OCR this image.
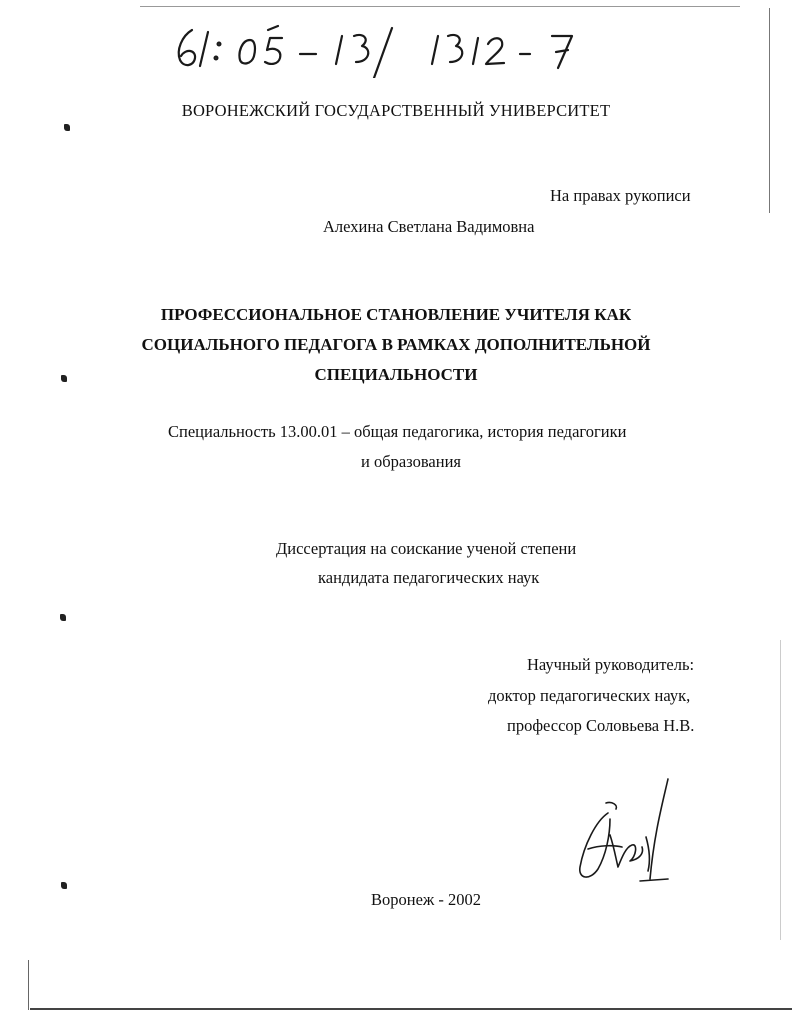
61: 05-13/1312-7
ВОРОНЕЖСКИЙ ГОСУДАРСТВЕННЫЙ УНИВЕРСИТЕТ
На правах рукописи
Алехина Светлана Вадимовна
ПРОФЕССИОНАЛЬНОЕ СТАНОВЛЕНИЕ УЧИТЕЛЯ КАК
СОЦИАЛЬНОГО ПЕДАГОГА В РАМКАХ ДОПОЛНИТЕЛЬНОЙ
СПЕЦИАЛЬНОСТИ
Специальность 13.00.01 – общая педагогика, история педагогики
и образования
Диссертация на соискание ученой степени
кандидата педагогических наук
Научный руководитель:
доктор педагогических наук,
профессор Соловьева Н.В.
Воронеж - 2002
